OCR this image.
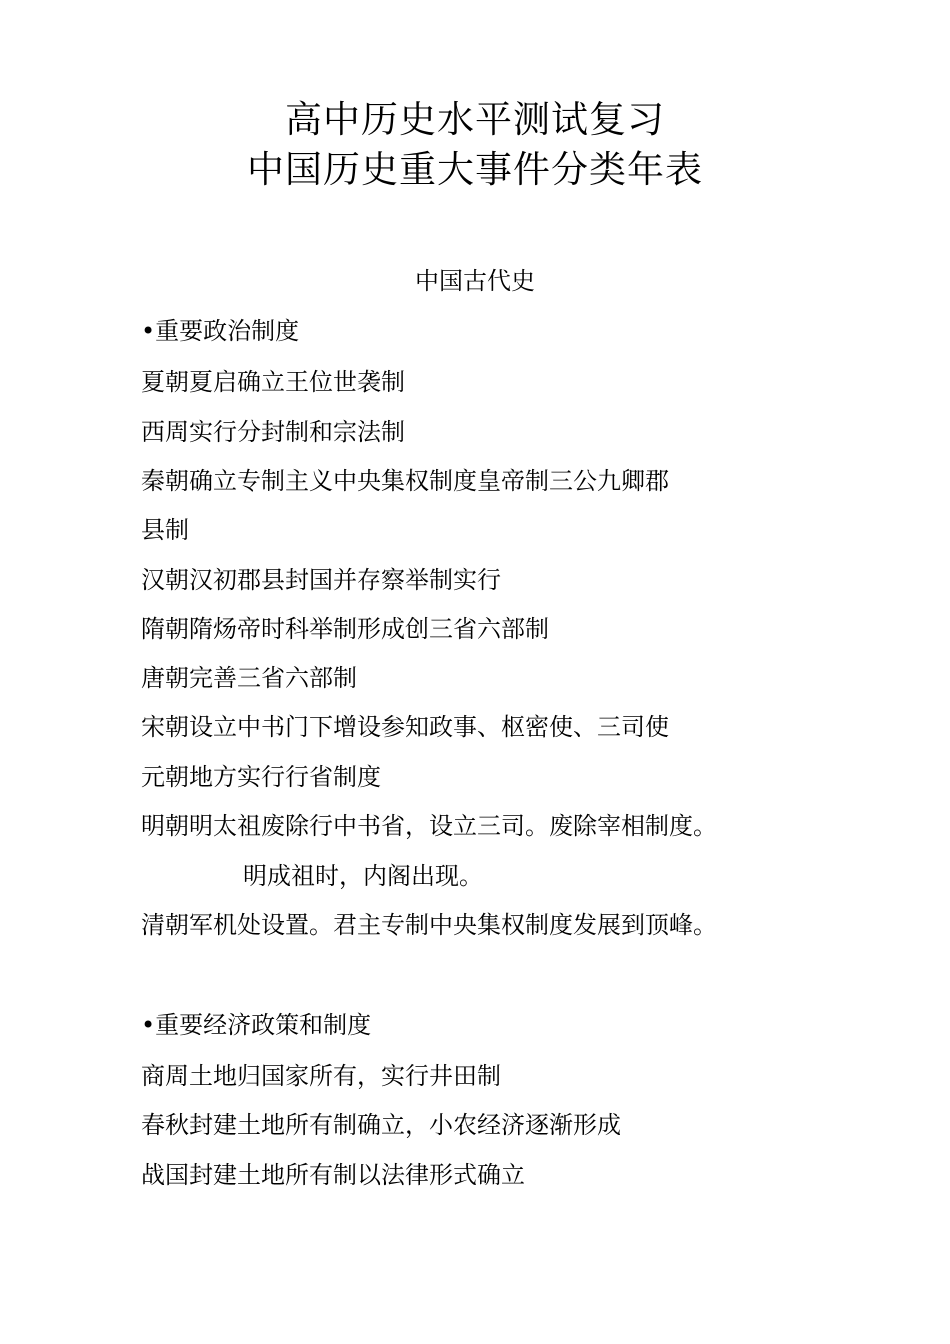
高中历史水平测试复习
中国历史重大事件分类年表
中国古代史
•重要政治制度
夏朝夏启确立王位世袭制
西周实行分封制和宗法制
秦朝确立专制主义中央集权制度皇帝制三公九卿郡
县制
汉朝汉初郡县封国并存察举制实行
隋朝隋炀帝时科举制形成创三省六部制
唐朝完善三省六部制
宋朝设立中书门下增设参知政事、枢密使、三司使
元朝地方实行行省制度
明朝明太祖废除行中书省，设立三司。废除宰相制度。
明成祖时，内阁出现。
清朝军机处设置。君主专制中央集权制度发展到顶峰。
•重要经济政策和制度
商周土地归国家所有，实行井田制
春秋封建土地所有制确立，小农经济逐渐形成
战国封建土地所有制以法律形式确立
